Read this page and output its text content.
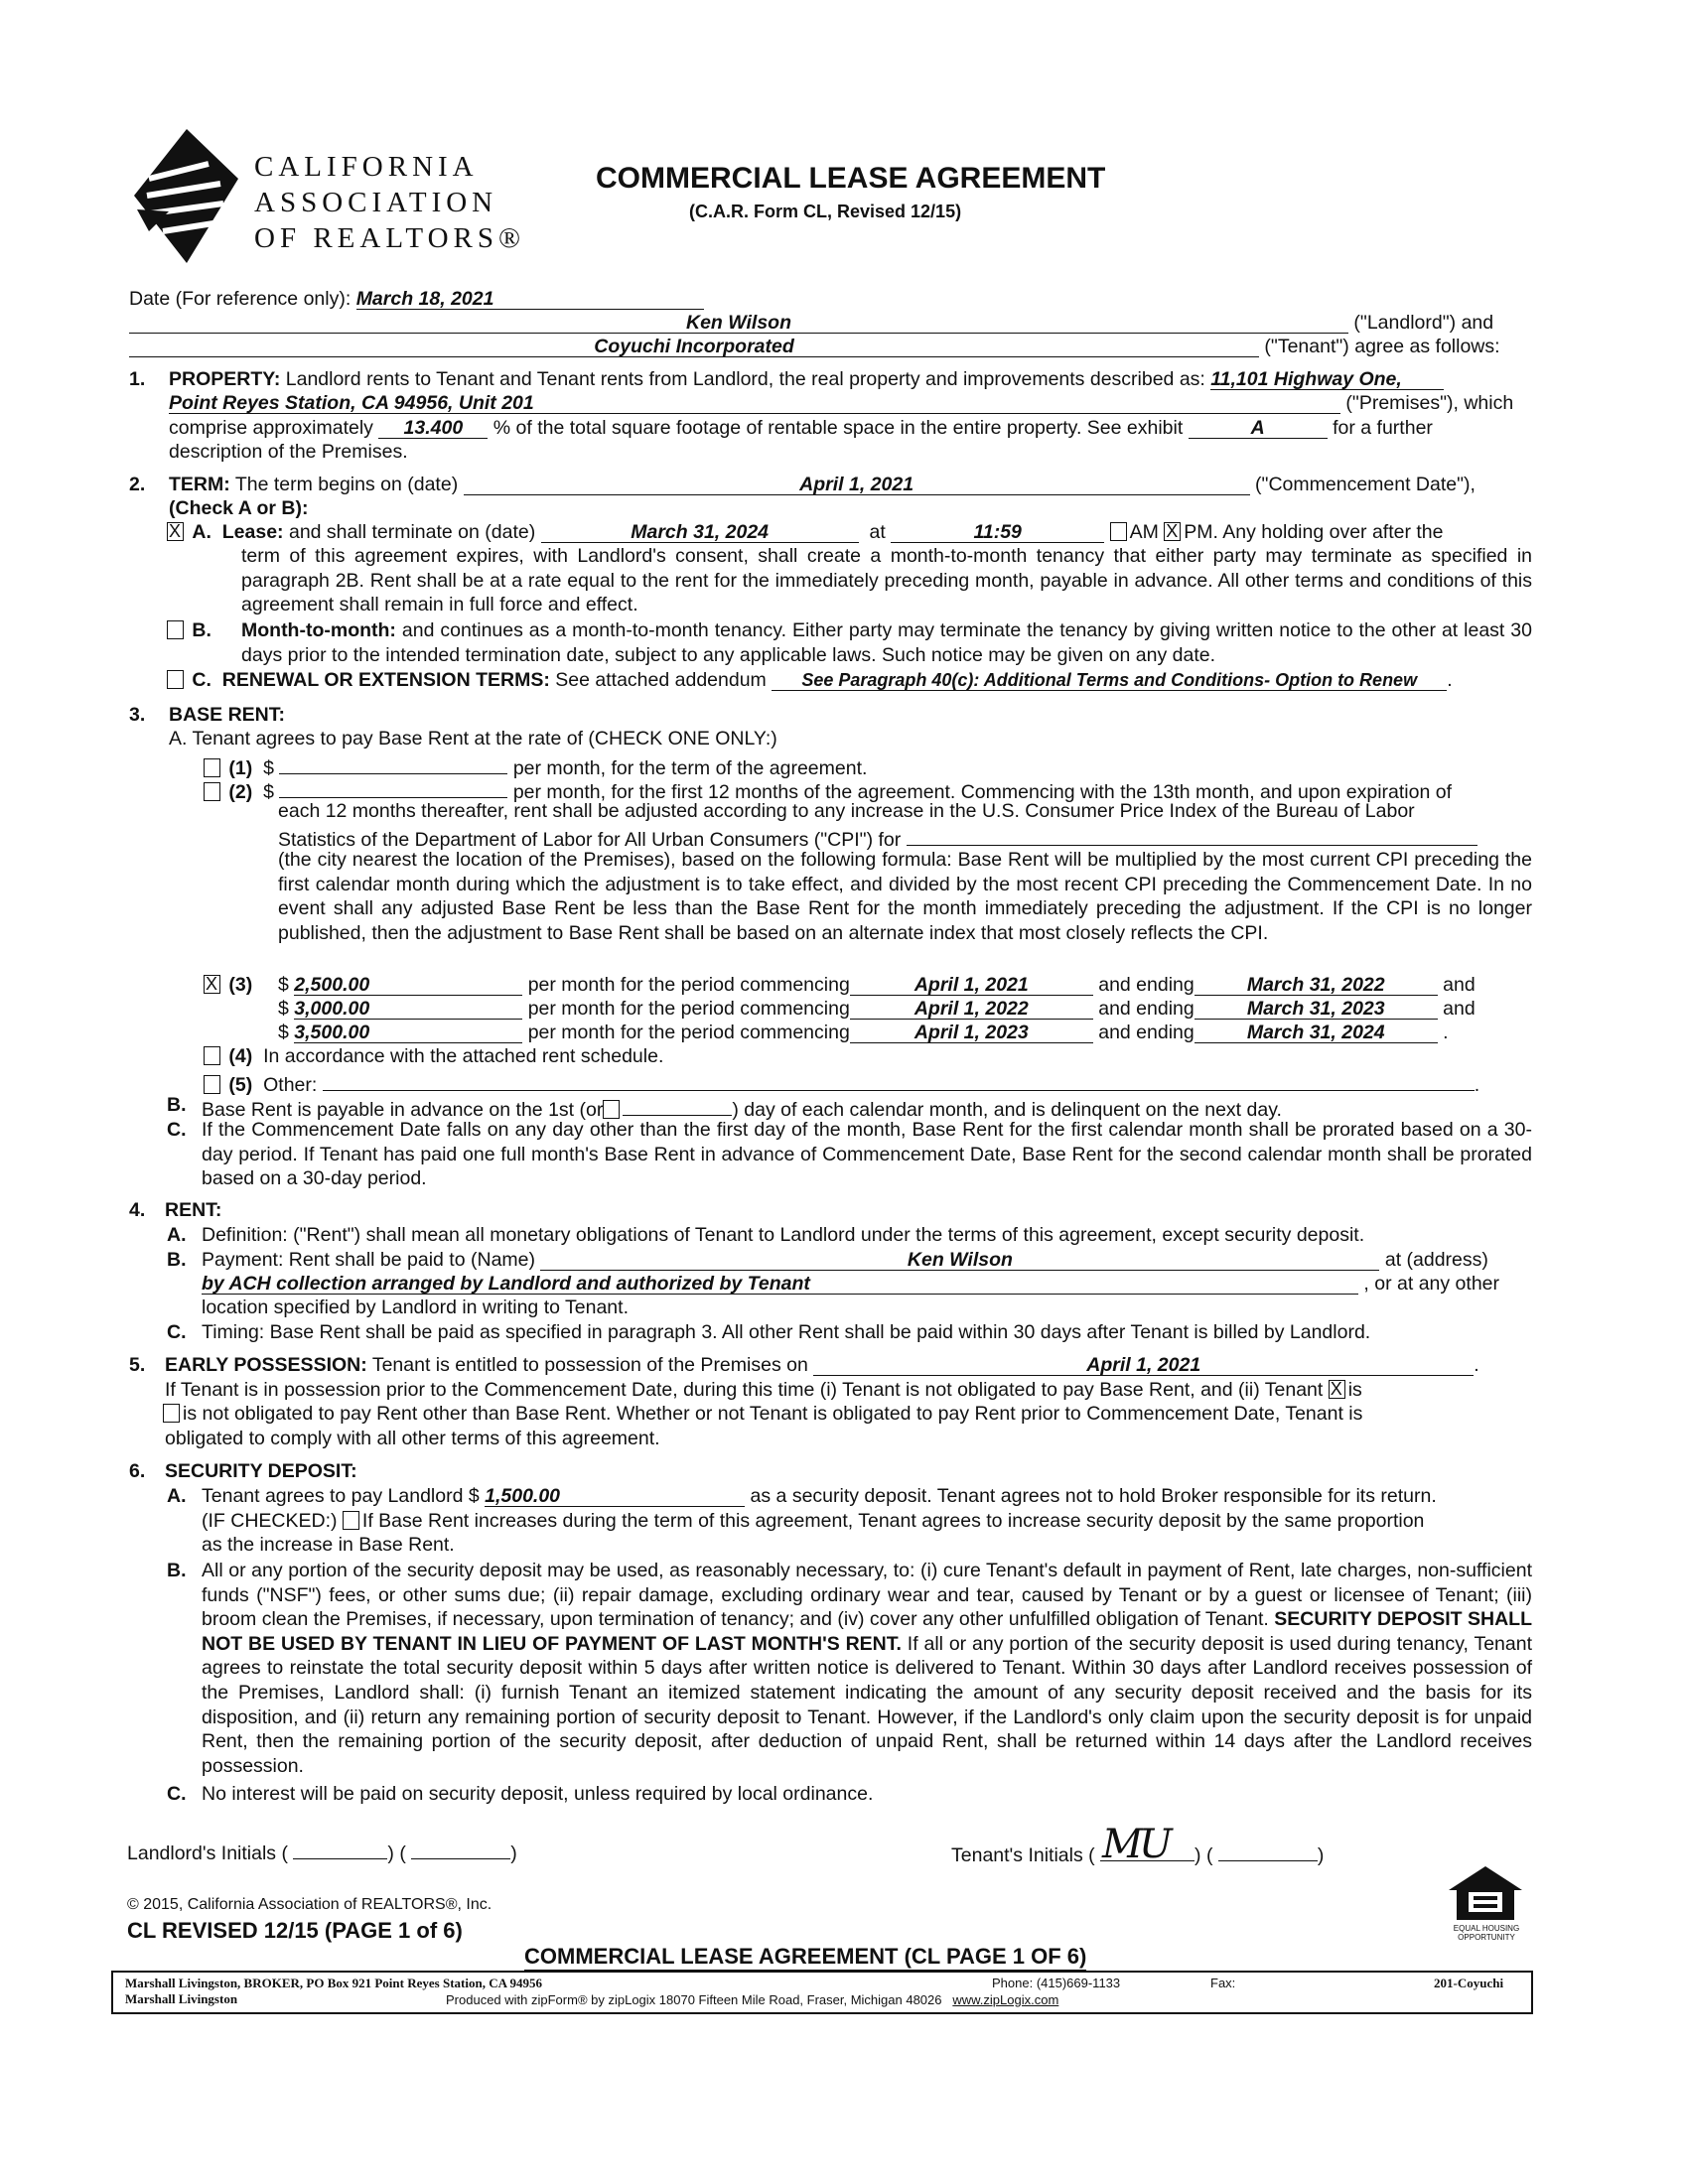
CALIFORNIA
ASSOCIATION
OF REALTORS®
COMMERCIAL LEASE AGREEMENT
(C.A.R. Form CL, Revised 12/15)
Date (For reference only): March 18, 2021
Ken Wilson	("Landlord") and
Coyuchi Incorporated	("Tenant") agree as follows:
1. PROPERTY: Landlord rents to Tenant and Tenant rents from Landlord, the real property and improvements described as: 11,101 Highway One,
Point Reyes Station, CA 94956, Unit 201	("Premises"), which
comprise approximately 13.400 % of the total square footage of rentable space in the entire property. See exhibit	A	for a further
description of the Premises.
2. TERM: The term begins on (date)	April 1, 2021	("Commencement Date"),
(Check A or B):
X A. Lease: and shall terminate on (date)	March 31, 2024	at	11:59	AM X PM. Any holding over after the
term of this agreement expires, with Landlord's consent, shall create a month-to-month tenancy that either party may terminate as specified in paragraph 2B. Rent shall be at a rate equal to the rent for the immediately preceding month, payable in advance. All other terms and conditions of this agreement shall remain in full force and effect.
B. Month-to-month: and continues as a month-to-month tenancy. Either party may terminate the tenancy by giving written notice to the other at least 30 days prior to the intended termination date, subject to any applicable laws. Such notice may be given on any date.
C. RENEWAL OR EXTENSION TERMS: See attached addendum See Paragraph 40(c): Additional Terms and Conditions- Option to Renew .
3. BASE RENT:
A. Tenant agrees to pay Base Rent at the rate of (CHECK ONE ONLY:)
(1) $	per month, for the term of the agreement.
(2) $	per month, for the first 12 months of the agreement. Commencing with the 13th month, and upon expiration of
each 12 months thereafter, rent shall be adjusted according to any increase in the U.S. Consumer Price Index of the Bureau of Labor
Statistics of the Department of Labor for All Urban Consumers ("CPI") for
(the city nearest the location of the Premises), based on the following formula: Base Rent will be multiplied by the most current CPI preceding the first calendar month during which the adjustment is to take effect, and divided by the most recent CPI preceding the Commencement Date. In no event shall any adjusted Base Rent be less than the Base Rent for the month immediately preceding the adjustment. If the CPI is no longer published, then the adjustment to Base Rent shall be based on an alternate index that most closely reflects the CPI.
X (3) $ 2,500.00	per month for the period commencing	April 1, 2021	and ending	March 31, 2022	and
$ 3,000.00	per month for the period commencing	April 1, 2022	and ending	March 31, 2023	and
$ 3,500.00	per month for the period commencing	April 1, 2023	and ending	March 31, 2024	.
(4) In accordance with the attached rent schedule.
(5) Other:	.
B. Base Rent is payable in advance on the 1st (or	) day of each calendar month, and is delinquent on the next day.
C. If the Commencement Date falls on any day other than the first day of the month, Base Rent for the first calendar month shall be prorated based on a 30-day period. If Tenant has paid one full month's Base Rent in advance of Commencement Date, Base Rent for the second calendar month shall be prorated based on a 30-day period.
4. RENT:
A. Definition: ("Rent") shall mean all monetary obligations of Tenant to Landlord under the terms of this agreement, except security deposit.
B. Payment: Rent shall be paid to (Name)	Ken Wilson	at (address)
by ACH collection arranged by Landlord and authorized by Tenant	, or at any other
location specified by Landlord in writing to Tenant.
C. Timing: Base Rent shall be paid as specified in paragraph 3. All other Rent shall be paid within 30 days after Tenant is billed by Landlord.
5. EARLY POSSESSION: Tenant is entitled to possession of the Premises on	April 1, 2021	.
If Tenant is in possession prior to the Commencement Date, during this time (i) Tenant is not obligated to pay Base Rent, and (ii) Tenant X is
is not obligated to pay Rent other than Base Rent. Whether or not Tenant is obligated to pay Rent prior to Commencement Date, Tenant is
obligated to comply with all other terms of this agreement.
6. SECURITY DEPOSIT:
A. Tenant agrees to pay Landlord $ 1,500.00	as a security deposit. Tenant agrees not to hold Broker responsible for its return.
(IF CHECKED:) If Base Rent increases during the term of this agreement, Tenant agrees to increase security deposit by the same proportion
as the increase in Base Rent.
B. All or any portion of the security deposit may be used, as reasonably necessary, to: (i) cure Tenant's default in payment of Rent, late charges, non-sufficient funds ("NSF") fees, or other sums due; (ii) repair damage, excluding ordinary wear and tear, caused by Tenant or by a guest or licensee of Tenant; (iii) broom clean the Premises, if necessary, upon termination of tenancy; and (iv) cover any other unfulfilled obligation of Tenant. SECURITY DEPOSIT SHALL NOT BE USED BY TENANT IN LIEU OF PAYMENT OF LAST MONTH'S RENT. If all or any portion of the security deposit is used during tenancy, Tenant agrees to reinstate the total security deposit within 5 days after written notice is delivered to Tenant. Within 30 days after Landlord receives possession of the Premises, Landlord shall: (i) furnish Tenant an itemized statement indicating the amount of any security deposit received and the basis for its disposition, and (ii) return any remaining portion of security deposit to Tenant. However, if the Landlord's only claim upon the security deposit is for unpaid Rent, then the remaining portion of the security deposit, after deduction of unpaid Rent, shall be returned within 14 days after the Landlord receives possession.
C. No interest will be paid on security deposit, unless required by local ordinance.
Landlord's Initials (	) (	)	Tenant's Initials ( MU ) (	)
© 2015, California Association of REALTORS®, Inc.
CL REVISED 12/15 (PAGE 1 of 6)	EQUAL HOUSING OPPORTUNITY
COMMERCIAL LEASE AGREEMENT (CL PAGE 1 OF 6)
Marshall Livingston, BROKER, PO Box 921 Point Reyes Station, CA 94956
Marshall Livingston
Phone: (415)669-1133	Fax:	201-Coyuchi
Produced with zipForm® by zipLogix 18070 Fifteen Mile Road, Fraser, Michigan 48026 www.zipLogix.com
